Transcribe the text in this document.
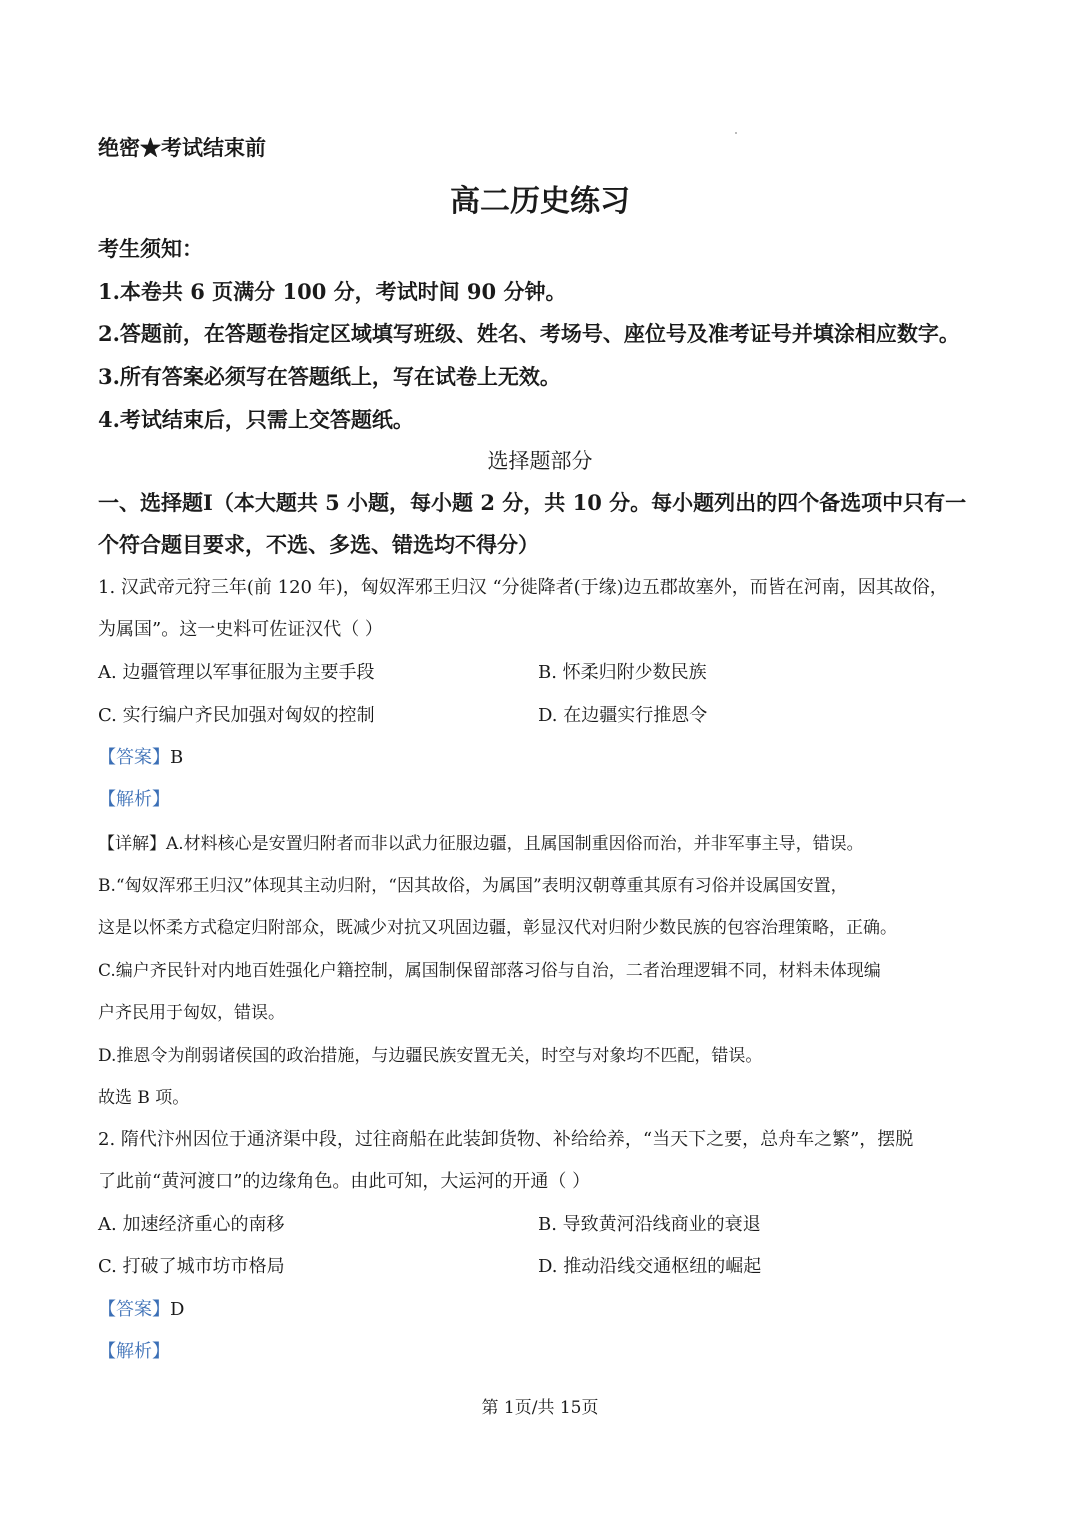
绝密★考试结束前
高二历史练习
考生须知：
1.本卷共 6 页满分 100 分，考试时间 90 分钟。
2.答题前，在答题卷指定区域填写班级、姓名、考场号、座位号及准考证号并填涂相应数字。
3.所有答案必须写在答题纸上，写在试卷上无效。
4.考试结束后，只需上交答题纸。
选择题部分
一、选择题Ⅰ（本大题共 5 小题，每小题 2 分，共 10 分。每小题列出的四个备选项中只有一
个符合题目要求，不选、多选、错选均不得分）
1. 汉武帝元狩三年(前 120 年)，匈奴浑邪王归汉 “分徙降者(于缘)边五郡故塞外，而皆在河南，因其故俗，
为属国”。这一史料可佐证汉代（ ）
A. 边疆管理以军事征服为主要手段	B. 怀柔归附少数民族
C. 实行编户齐民加强对匈奴的控制	D. 在边疆实行推恩令
【答案】B
【解析】
【详解】A.材料核心是安置归附者而非以武力征服边疆，且属国制重因俗而治，并非军事主导，错误。
B.“匈奴浑邪王归汉”体现其主动归附，“因其故俗，为属国”表明汉朝尊重其原有习俗并设属国安置，
这是以怀柔方式稳定归附部众，既减少对抗又巩固边疆，彰显汉代对归附少数民族的包容治理策略，正确。
C.编户齐民针对内地百姓强化户籍控制，属国制保留部落习俗与自治，二者治理逻辑不同，材料未体现编
户齐民用于匈奴，错误。
D.推恩令为削弱诸侯国的政治措施，与边疆民族安置无关，时空与对象均不匹配，错误。
故选 B 项。
2. 隋代汴州因位于通济渠中段，过往商船在此装卸货物、补给给养，“当天下之要，总舟车之繁”，摆脱
了此前“黄河渡口”的边缘角色。由此可知，大运河的开通（ ）
A. 加速经济重心的南移	B. 导致黄河沿线商业的衰退
C. 打破了城市坊市格局	D. 推动沿线交通枢纽的崛起
【答案】D
【解析】
第 1页/共 15页
